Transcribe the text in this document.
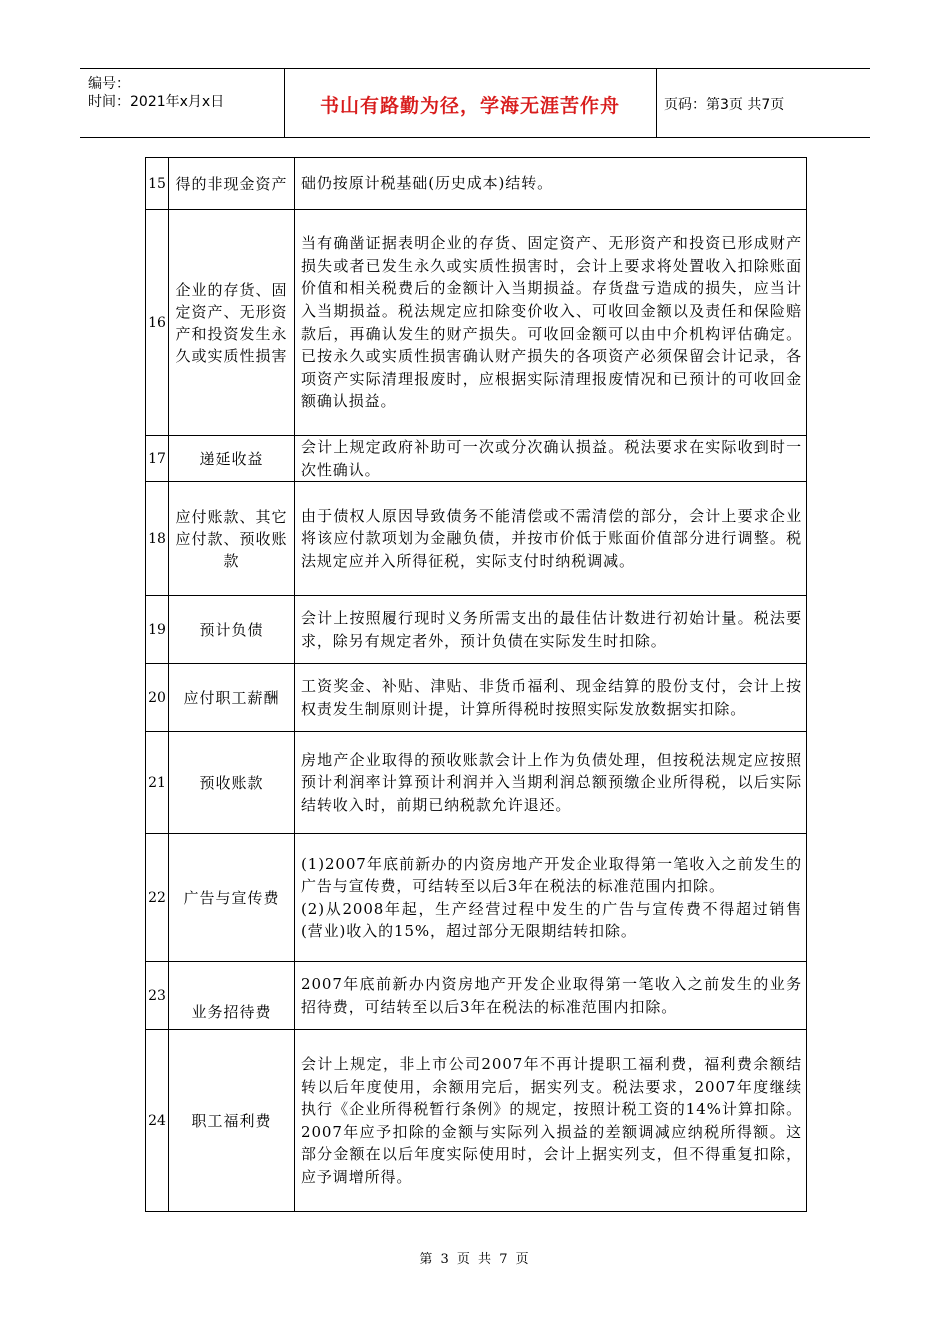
编号：
时间：2021年x月x日	书山有路勤为径，学海无涯苦作舟	页码：第3页 共7页
15	得的非现金资产	础仍按原计税基础(历史成本)结转。

16	企业的存货、固定资产、无形资产和投资发生永久或实质性损害	当有确凿证据表明企业的存货、固定资产、无形资产和投资已形成财产损失或者已发生永久或实质性损害时，会计上要求将处置收入扣除账面价值和相关税费后的金额计入当期损益。存货盘亏造成的损失，应当计入当期损益。税法规定应扣除变价收入、可收回金额以及责任和保险赔款后，再确认发生的财产损失。可收回金额可以由中介机构评估确定。已按永久或实质性损害确认财产损失的各项资产必须保留会计记录，各项资产实际清理报废时，应根据实际清理报废情况和已预计的可收回金额确认损益。

17	递延收益	会计上规定政府补助可一次或分次确认损益。税法要求在实际收到时一次性确认。

18	应付账款、其它应付款、预收账款	由于债权人原因导致债务不能清偿或不需清偿的部分，会计上要求企业将该应付款项划为金融负债，并按市价低于账面价值部分进行调整。税法规定应并入所得征税，实际支付时纳税调减。

19	预计负债	会计上按照履行现时义务所需支出的最佳估计数进行初始计量。税法要求，除另有规定者外，预计负债在实际发生时扣除。

20	应付职工薪酬	工资奖金、补贴、津贴、非货币福利、现金结算的股份支付，会计上按权责发生制原则计提，计算所得税时按照实际发放数据实扣除。

21	预收账款	房地产企业取得的预收账款会计上作为负债处理，但按税法规定应按照预计利润率计算预计利润并入当期利润总额预缴企业所得税，以后实际结转收入时，前期已纳税款允许退还。

22	广告与宣传费	(1)2007年底前新办的内资房地产开发企业取得第一笔收入之前发生的广告与宣传费，可结转至以后3年在税法的标准范围内扣除。
(2)从2008年起，生产经营过程中发生的广告与宣传费不得超过销售(营业)收入的15%，超过部分无限期结转扣除。

23	业务招待费	2007年底前新办内资房地产开发企业取得第一笔收入之前发生的业务招待费，可结转至以后3年在税法的标准范围内扣除。

24	职工福利费	会计上规定，非上市公司2007年不再计提职工福利费，福利费余额结转以后年度使用，余额用完后，据实列支。税法要求，2007年度继续执行《企业所得税暂行条例》的规定，按照计税工资的14%计算扣除。2007年应予扣除的金额与实际列入损益的差额调减应纳税所得额。这部分金额在以后年度实际使用时，会计上据实列支，但不得重复扣除，应予调增所得。
第 3 页 共 7 页
